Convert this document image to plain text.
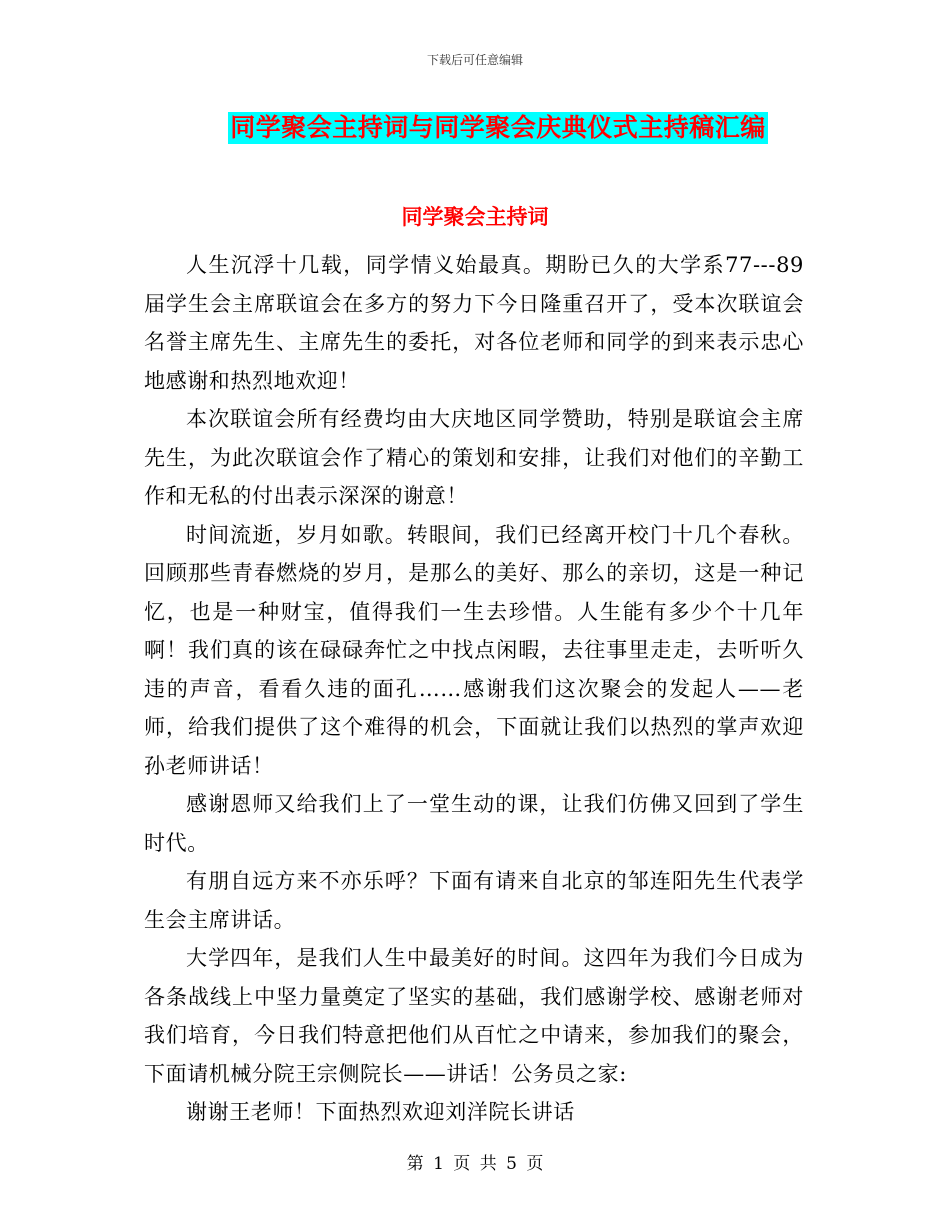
下载后可任意编辑
同学聚会主持词与同学聚会庆典仪式主持稿汇编
同学聚会主持词

人生沉浮十几载，同学情义始最真。期盼已久的大学系77---89届学生会主席联谊会在多方的努力下今日隆重召开了，受本次联谊会名誉主席先生、主席先生的委托，对各位老师和同学的到来表示忠心地感谢和热烈地欢迎！

本次联谊会所有经费均由大庆地区同学赞助，特别是联谊会主席先生，为此次联谊会作了精心的策划和安排，让我们对他们的辛勤工作和无私的付出表示深深的谢意！

时间流逝，岁月如歌。转眼间，我们已经离开校门十几个春秋。回顾那些青春燃烧的岁月，是那么的美好、那么的亲切，这是一种记忆，也是一种财宝，值得我们一生去珍惜。人生能有多少个十几年啊！我们真的该在碌碌奔忙之中找点闲暇，去往事里走走，去听听久违的声音，看看久违的面孔……感谢我们这次聚会的发起人——老师，给我们提供了这个难得的机会，下面就让我们以热烈的掌声欢迎孙老师讲话！

感谢恩师又给我们上了一堂生动的课，让我们仿佛又回到了学生时代。

有朋自远方来不亦乐呼？下面有请来自北京的邹连阳先生代表学生会主席讲话。

大学四年，是我们人生中最美好的时间。这四年为我们今日成为各条战线上中坚力量奠定了坚实的基础，我们感谢学校、感谢老师对我们培育，今日我们特意把他们从百忙之中请来，参加我们的聚会，下面请机械分院王宗侧院长——讲话！公务员之家:

谢谢王老师！下面热烈欢迎刘洋院长讲话

第 1 页 共 5 页
